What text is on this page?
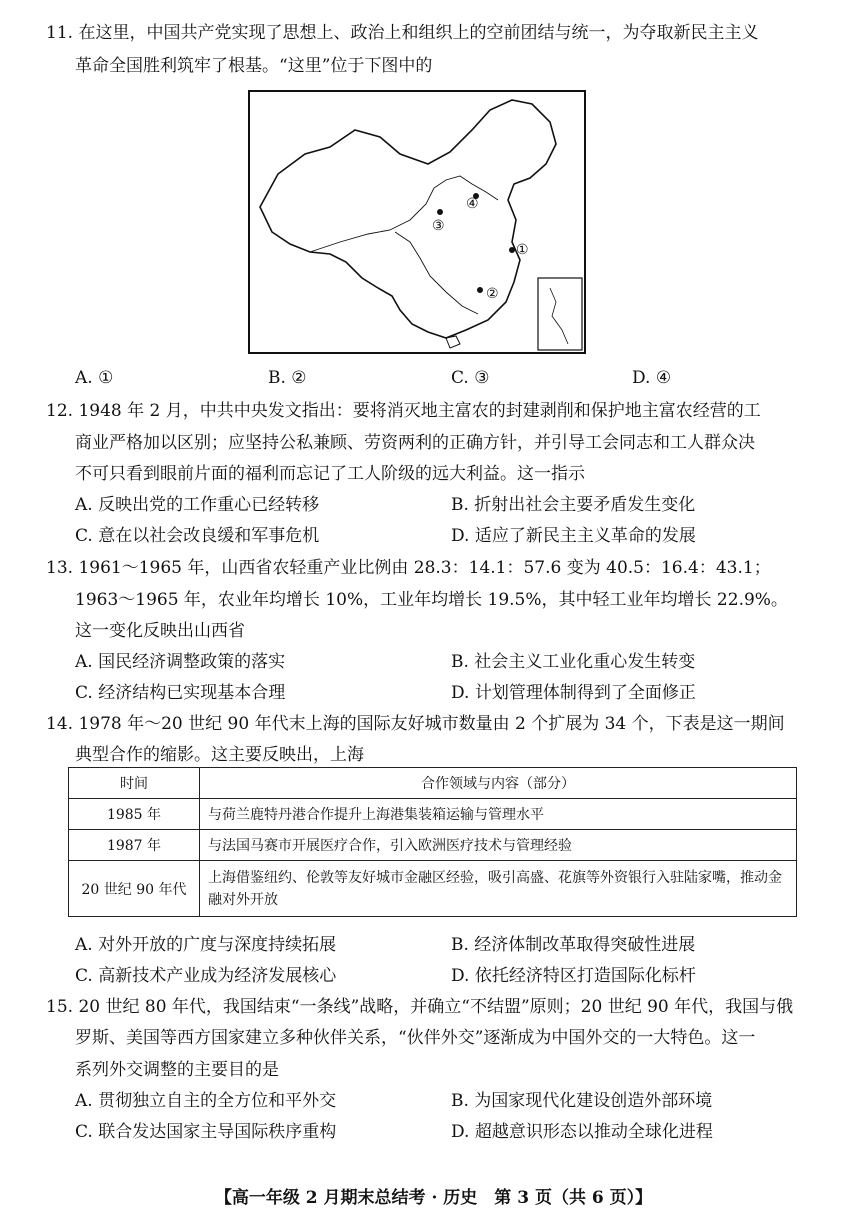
11. 在这里，中国共产党实现了思想上、政治上和组织上的空前团结与统一，为夺取新民主主义
革命全国胜利筑牢了根基。“这里”位于下图中的
①
②
③
④
A. ①	B. ②	C. ③	D. ④
12. 1948 年 2 月，中共中央发文指出：要将消灭地主富农的封建剥削和保护地主富农经营的工
商业严格加以区别；应坚持公私兼顾、劳资两利的正确方针，并引导工会同志和工人群众决
不可只看到眼前片面的福利而忘记了工人阶级的远大利益。这一指示
A. 反映出党的工作重心已经转移	B. 折射出社会主要矛盾发生变化
C. 意在以社会改良缓和军事危机	D. 适应了新民主主义革命的发展
13. 1961～1965 年，山西省农轻重产业比例由 28.3：14.1：57.6 变为 40.5：16.4：43.1；
1963～1965 年，农业年均增长 10%，工业年均增长 19.5%，其中轻工业年均增长 22.9%。
这一变化反映出山西省
A. 国民经济调整政策的落实	B. 社会主义工业化重心发生转变
C. 经济结构已实现基本合理	D. 计划管理体制得到了全面修正
14. 1978 年～20 世纪 90 年代末上海的国际友好城市数量由 2 个扩展为 34 个，下表是这一期间
典型合作的缩影。这主要反映出，上海
时间	合作领域与内容（部分）
1985 年	与荷兰鹿特丹港合作提升上海港集装箱运输与管理水平
1987 年	与法国马赛市开展医疗合作，引入欧洲医疗技术与管理经验
20 世纪 90 年代	上海借鉴纽约、伦敦等友好城市金融区经验，吸引高盛、花旗等外资银行入驻陆家嘴，推动金融对外开放
A. 对外开放的广度与深度持续拓展	B. 经济体制改革取得突破性进展
C. 高新技术产业成为经济发展核心	D. 依托经济特区打造国际化标杆
15. 20 世纪 80 年代，我国结束“一条线”战略，并确立“不结盟”原则；20 世纪 90 年代，我国与俄
罗斯、美国等西方国家建立多种伙伴关系，“伙伴外交”逐渐成为中国外交的一大特色。这一
系列外交调整的主要目的是
A. 贯彻独立自主的全方位和平外交	B. 为国家现代化建设创造外部环境
C. 联合发达国家主导国际秩序重构	D. 超越意识形态以推动全球化进程
【高一年级 2 月期末总结考 · 历史　第 3 页（共 6 页）】
